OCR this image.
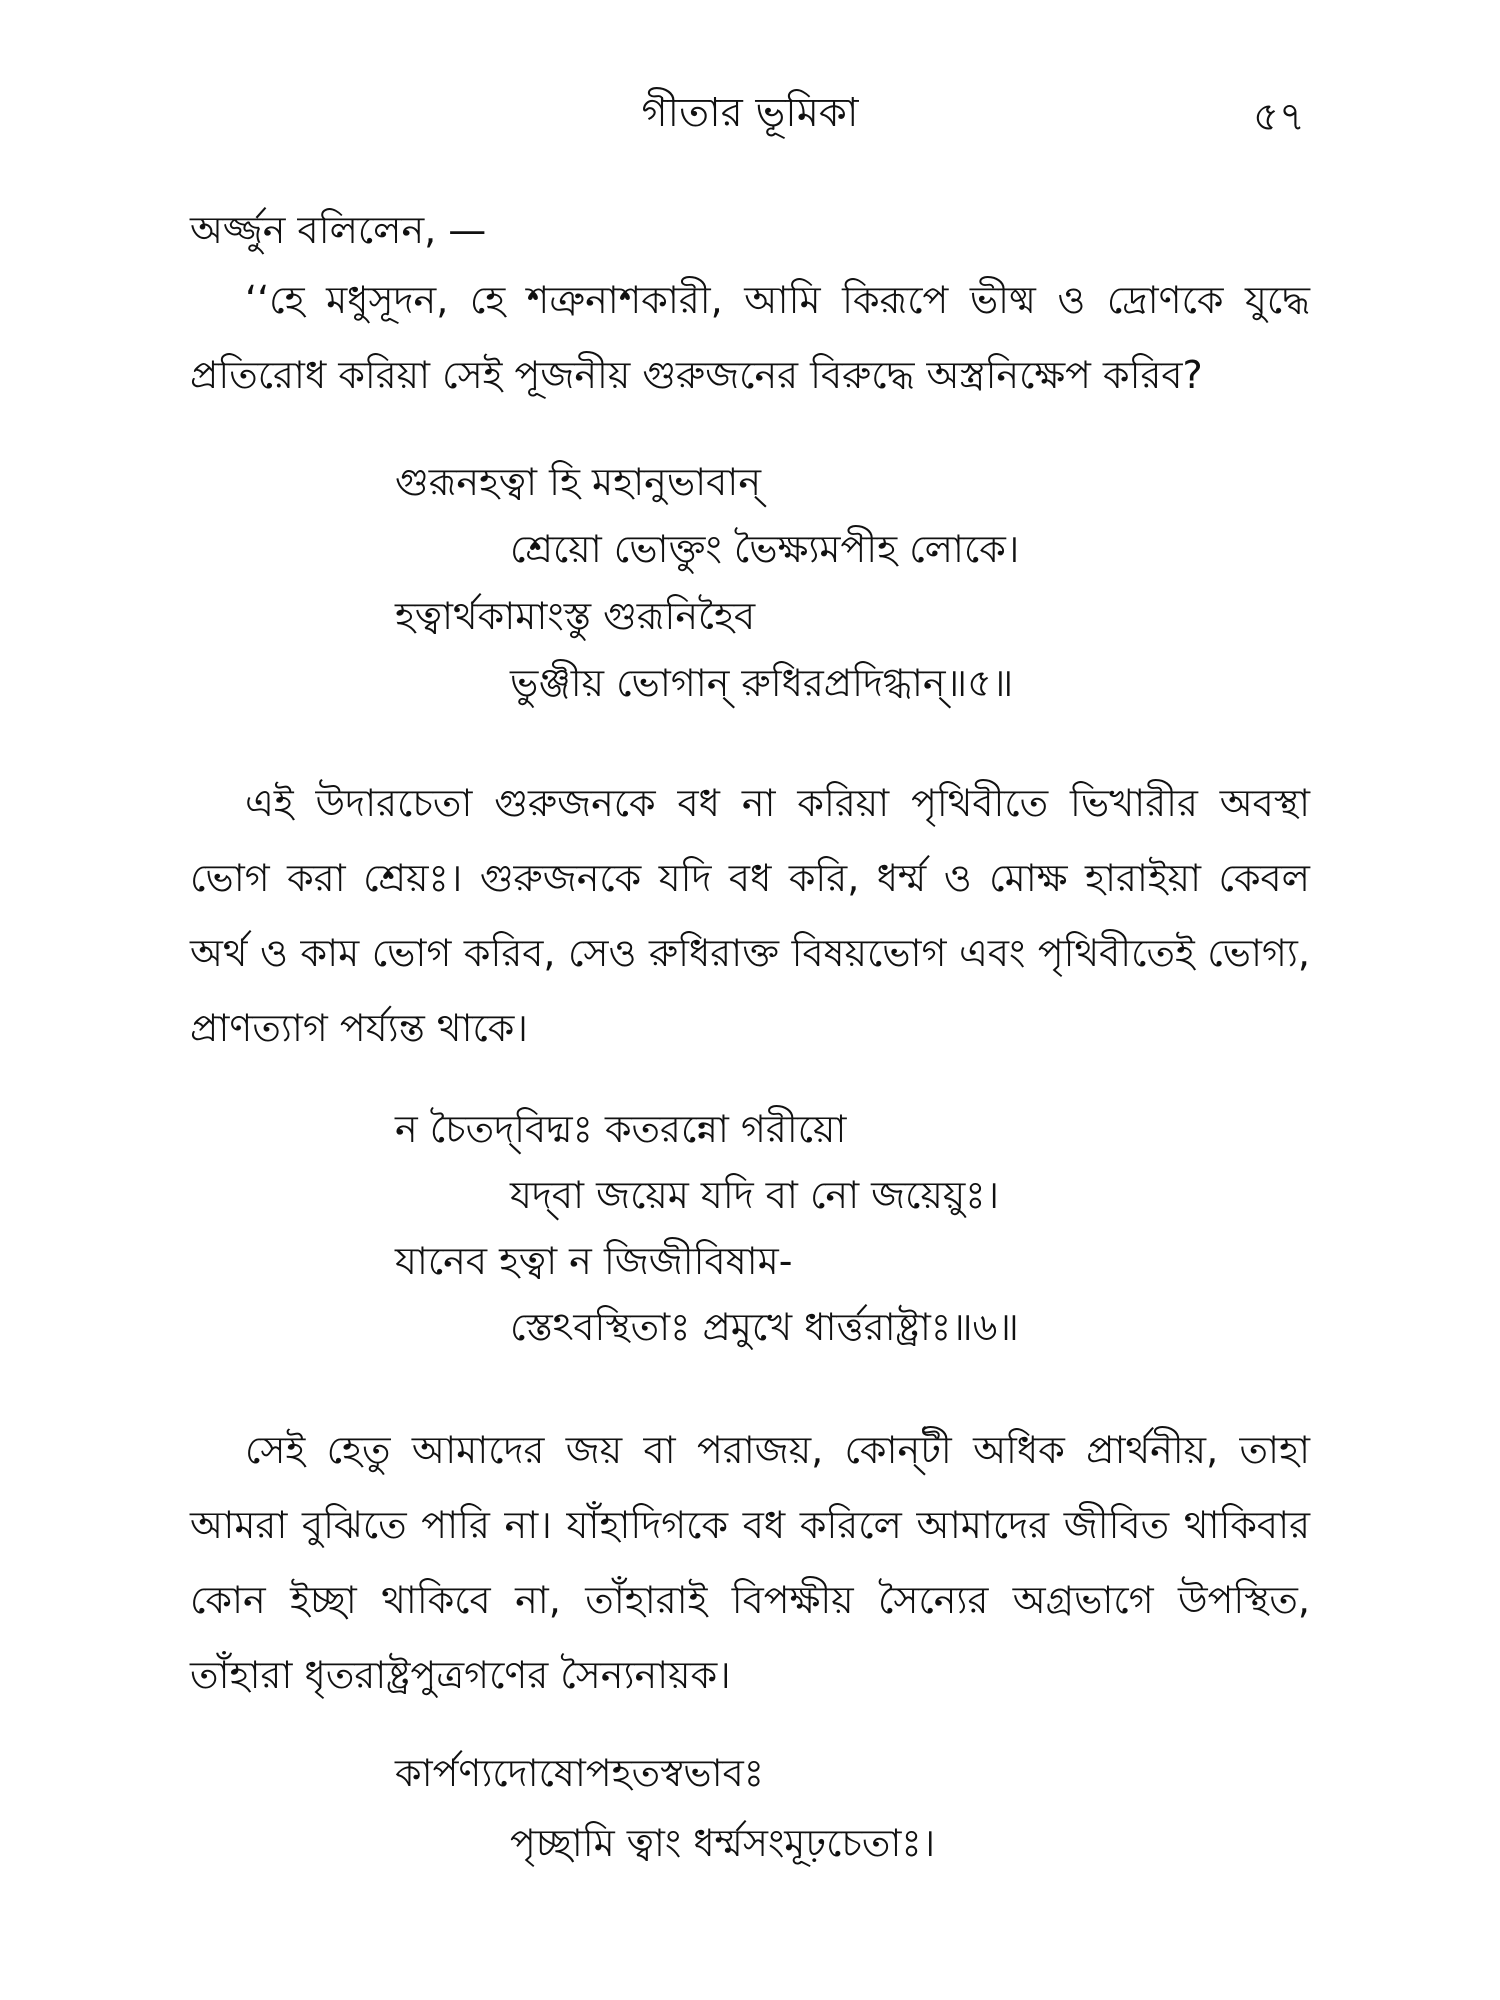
গীতার ভূমিকা	৫৭
অর্জ্জুন বলিলেন, —
‘‘হে মধুসূদন, হে শত্রুনাশকারী, আমি কিরূপে ভীষ্ম ও দ্রোণকে যুদ্ধে প্রতিরোধ করিয়া সেই পূজনীয় গুরুজনের বিরুদ্ধে অস্ত্রনিক্ষেপ করিব?
গুরূনহত্বা হি মহানুভাবান্
শ্রেয়ো ভোক্তুং ভৈক্ষ্যমপীহ লোকে।
হত্বার্থকামাংস্তু গুরূনিহৈব
ভুঞ্জীয় ভোগান্ রুধিরপ্রদিগ্ধান্॥৫॥
এই উদারচেতা গুরুজনকে বধ না করিয়া পৃথিবীতে ভিখারীর অবস্থা ভোগ করা শ্রেয়ঃ। গুরুজনকে যদি বধ করি, ধর্ম্ম ও মোক্ষ হারাইয়া কেবল অর্থ ও কাম ভোগ করিব, সেও রুধিরাক্ত বিষয়ভোগ এবং পৃথিবীতেই ভোগ্য, প্রাণত্যাগ পর্য্যন্ত থাকে।
ন চৈতদ্‌বিদ্মঃ কতরন্নো গরীয়ো
যদ্‌বা জয়েম যদি বা নো জয়েয়ুঃ।
যানেব হত্বা ন জিজীবিষাম-
স্তেঽবস্থিতাঃ প্রমুখে ধার্ত্তরাষ্ট্রাঃ॥৬॥
সেই হেতু আমাদের জয় বা পরাজয়, কোন্‌টী অধিক প্রার্থনীয়, তাহা আমরা বুঝিতে পারি না। যাঁহাদিগকে বধ করিলে আমাদের জীবিত থাকিবার কোন ইচ্ছা থাকিবে না, তাঁহারাই বিপক্ষীয় সৈন্যের অগ্রভাগে উপস্থিত, তাঁহারা ধৃতরাষ্ট্রপুত্রগণের সৈন্যনায়ক।
কার্পণ্যদোষোপহতস্বভাবঃ
পৃচ্ছামি ত্বাং ধর্ম্মসংমূঢ়চেতাঃ।
